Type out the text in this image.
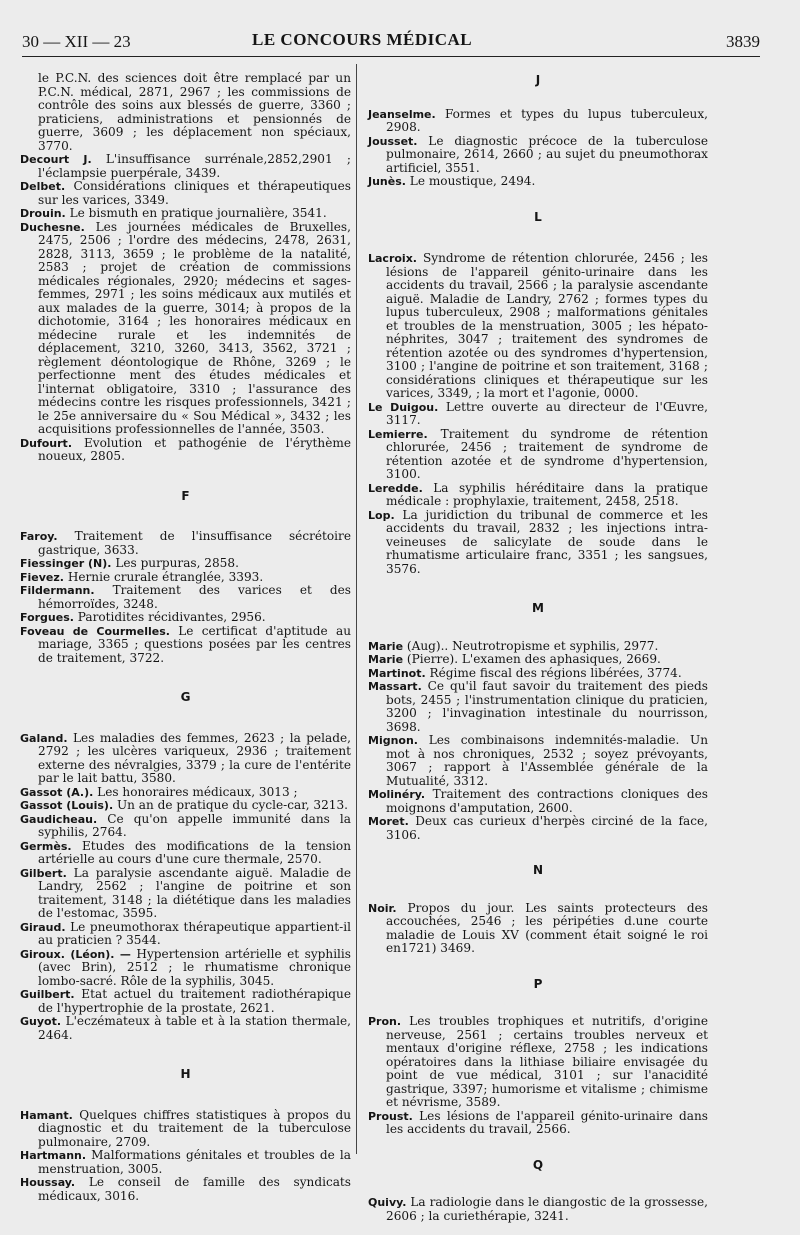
30 — XII — 23	LE CONCOURS MÉDICAL	3839

le P.C.N. des sciences doit être remplacé par un P.C.N. médical, 2871, 2967 ; les commissions de contrôle des soins aux blessés de guerre, 3360 ; praticiens, administrations et pensionnés de guerre, 3609 ; les déplacement non spéciaux, 3770.

Decourt J. L'insuffisance surrénale,2852,2901 ; l'éclampsie puerpérale, 3439.

Delbet. Considérations cliniques et thérapeutiques sur les varices, 3349.

Drouin. Le bismuth en pratique journalière, 3541.

Duchesne. Les journées médicales de Bruxelles, 2475, 2506 ; l'ordre des médecins, 2478, 2631, 2828, 3113, 3659 ; le problème de la natalité, 2583 ; projet de création de commissions médicales régionales, 2920; médecins et sages-femmes, 2971 ; les soins médicaux aux mutilés et aux malades de la guerre, 3014; à propos de la dichotomie, 3164 ; les honoraires médicaux en médecine rurale et les indemnités de déplacement, 3210, 3260, 3413, 3562, 3721 ; règlement déontologique de Rhône, 3269 ; le perfectionne ment des études médicales et l'internat obligatoire, 3310 ; l'assurance des médecins contre les risques professionnels, 3421 ; le 25e anniversaire du « Sou Médical », 3432 ; les acquisitions professionnelles de l'année, 3503.

Dufourt. Evolution et pathogénie de l'érythème noueux, 2805.

F

Faroy. Traitement de l'insuffisance sécrétoire gastrique, 3633.

Fiessinger (N). Les purpuras, 2858.

Fievez. Hernie crurale étranglée, 3393.

Fildermann. Traitement des varices et des hémorroïdes, 3248.

Forgues. Parotidites récidivantes, 2956.

Foveau de Courmelles. Le certificat d'aptitude au mariage, 3365 ; questions posées par les centres de traitement, 3722.

G

Galand. Les maladies des femmes, 2623 ; la pelade, 2792 ; les ulcères variqueux, 2936 ; traitement externe des névralgies, 3379 ; la cure de l'entérite par le lait battu, 3580.

Gassot (A.). Les honoraires médicaux, 3013 ;

Gassot (Louis). Un an de pratique du cycle-car, 3213.

Gaudicheau. Ce qu'on appelle immunité dans la syphilis, 2764.

Germès. Etudes des modifications de la tension artérielle au cours d'une cure thermale, 2570.

Gilbert. La paralysie ascendante aiguë. Maladie de Landry, 2562 ; l'angine de poitrine et son traitement, 3148 ; la diététique dans les maladies de l'estomac, 3595.

Giraud. Le pneumothorax thérapeutique appartient-il au praticien ? 3544.

Giroux. (Léon). — Hypertension artérielle et syphilis (avec Brin), 2512 ; le rhumatisme chronique lombo-sacré. Rôle de la syphilis, 3045.

Guilbert. Etat actuel du traitement radiothérapique de l'hypertrophie de la prostate, 2621.

Guyot. L'eczémateux à table et à la station thermale, 2464.

H

Hamant. Quelques chiffres statistiques à propos du diagnostic et du traitement de la tuberculose pulmonaire, 2709.

Hartmann. Malformations génitales et troubles de la menstruation, 3005.

Houssay. Le conseil de famille des syndicats médicaux, 3016.

J

Jeanselme. Formes et types du lupus tuberculeux, 2908.

Jousset. Le diagnostic précoce de la tuberculose pulmonaire, 2614, 2660 ; au sujet du pneumothorax artificiel, 3551.

Junès. Le moustique, 2494.

L

Lacroix. Syndrome de rétention chlorurée, 2456 ; les lésions de l'appareil génito-urinaire dans les accidents du travail, 2566 ; la paralysie ascendante aiguë. Maladie de Landry, 2762 ; formes types du lupus tuberculeux, 2908 ; malformations génitales et troubles de la menstruation, 3005 ; les hépato-néphrites, 3047 ; traitement des syndromes de rétention azotée ou des syndromes d'hypertension, 3100 ; l'angine de poitrine et son traitement, 3168 ; considérations cliniques et thérapeutique sur les varices, 3349, ; la mort et l'agonie, 0000.

Le Duigou. Lettre ouverte au directeur de l'Œuvre, 3117.

Lemierre. Traitement du syndrome de rétention chlorurée, 2456 ; traitement de syndrome de rétention azotée et de syndrome d'hypertension, 3100.

Leredde. La syphilis héréditaire dans la pratique médicale : prophylaxie, traitement, 2458, 2518.

Lop. La juridiction du tribunal de commerce et les accidents du travail, 2832 ; les injections intra-veineuses de salicylate de soude dans le rhumatisme articulaire franc, 3351 ; les sangsues, 3576.

M

Marie (Aug).. Neutrotropisme et syphilis, 2977.

Marie (Pierre). L'examen des aphasiques, 2669.

Martinot. Régime fiscal des régions libérées, 3774.

Massart. Ce qu'il faut savoir du traitement des pieds bots, 2455 ; l'instrumentation clinique du praticien, 3200 ; l'invagination intestinale du nourrisson, 3698.

Mignon. Les combinaisons indemnités-maladie. Un mot à nos chroniques, 2532 ; soyez prévoyants, 3067 ; rapport à l'Assemblée générale de la Mutualité, 3312.

Molinéry. Traitement des contractions cloniques des moignons d'amputation, 2600.

Moret. Deux cas curieux d'herpès circiné de la face, 3106.

N

Noir. Propos du jour. Les saints protecteurs des accouchées, 2546 ; les péripéties d.une courte maladie de Louis XV (comment était soigné le roi en1721) 3469.

P

Pron. Les troubles trophiques et nutritifs, d'origine nerveuse, 2561 ; certains troubles nerveux et mentaux d'origine réflexe, 2758 ; les indications opératoires dans la lithiase biliaire envisagée du point de vue médical, 3101 ; sur l'anacidité gastrique, 3397; humorisme et vitalisme ; chimisme et névrisme, 3589.

Proust. Les lésions de l'appareil génito-urinaire dans les accidents du travail, 2566.

Q

Quivy. La radiologie dans le diangostic de la grossesse, 2606 ; la curiethérapie, 3241.
